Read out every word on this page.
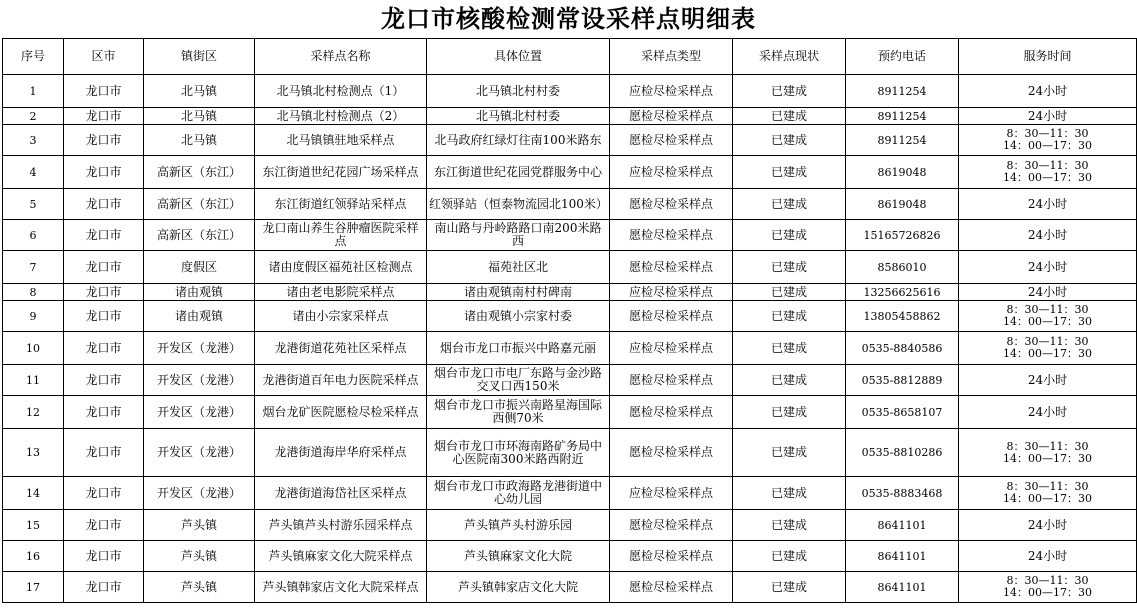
龙口市核酸检测常设采样点明细表
序号	区市	镇街区	采样点名称	具体位置	采样点类型	采样点现状	预约电话	服务时间
1	龙口市	北马镇	北马镇北村检测点（1）	北马镇北村村委	应检尽检采样点	已建成	8911254	24小时
2	龙口市	北马镇	北马镇北村检测点（2）	北马镇北村村委	愿检尽检采样点	已建成	8911254	24小时
3	龙口市	北马镇	北马镇镇驻地采样点	北马政府红绿灯往南100米路东	愿检尽检采样点	已建成	8911254	8：30—11：30
14：00—17：30
4	龙口市	高新区（东江）	东江街道世纪花园广场采样点	东江街道世纪花园党群服务中心	应检尽检采样点	已建成	8619048	8：30—11：30
14：00—17：30
5	龙口市	高新区（东江）	东江街道红领驿站采样点	红领驿站（恒泰物流园北100米）	愿检尽检采样点	已建成	8619048	24小时
6	龙口市	高新区（东江）	龙口南山养生谷肿瘤医院采样点	南山路与丹岭路路口南200米路西	愿检尽检采样点	已建成	15165726826	24小时
7	龙口市	度假区	诸由度假区福苑社区检测点	福苑社区北	愿检尽检采样点	已建成	8586010	24小时
8	龙口市	诸由观镇	诸由老电影院采样点	诸由观镇南村村碑南	应检尽检采样点	已建成	13256625616	24小时
9	龙口市	诸由观镇	诸由小宗家采样点	诸由观镇小宗家村委	愿检尽检采样点	已建成	13805458862	8：30—11：30
14：00—17：30
10	龙口市	开发区（龙港）	龙港街道花苑社区采样点	烟台市龙口市振兴中路嘉元丽	应检尽检采样点	已建成	0535-8840586	8：30—11：30
14：00—17：30
11	龙口市	开发区（龙港）	龙港街道百年电力医院采样点	烟台市龙口市电厂东路与金沙路交叉口西150米	愿检尽检采样点	已建成	0535-8812889	24小时
12	龙口市	开发区（龙港）	烟台龙矿医院愿检尽检采样点	烟台市龙口市振兴南路星海国际西侧70米	愿检尽检采样点	已建成	0535-8658107	24小时
13	龙口市	开发区（龙港）	龙港街道海岸华府采样点	烟台市龙口市环海南路矿务局中心医院南300米路西附近	愿检尽检采样点	已建成	0535-8810286	8：30—11：30
14：00—17：30
14	龙口市	开发区（龙港）	龙港街道海岱社区采样点	烟台市龙口市政海路龙港街道中心幼儿园	应检尽检采样点	已建成	0535-8883468	8：30—11：30
14：00—17：30
15	龙口市	芦头镇	芦头镇芦头村游乐园采样点	芦头镇芦头村游乐园	愿检尽检采样点	已建成	8641101	24小时
16	龙口市	芦头镇	芦头镇麻家文化大院采样点	芦头镇麻家文化大院	愿检尽检采样点	已建成	8641101	24小时
17	龙口市	芦头镇	芦头镇韩家店文化大院采样点	芦头镇韩家店文化大院	愿检尽检采样点	已建成	8641101	8：30—11：30
14：00—17：30
